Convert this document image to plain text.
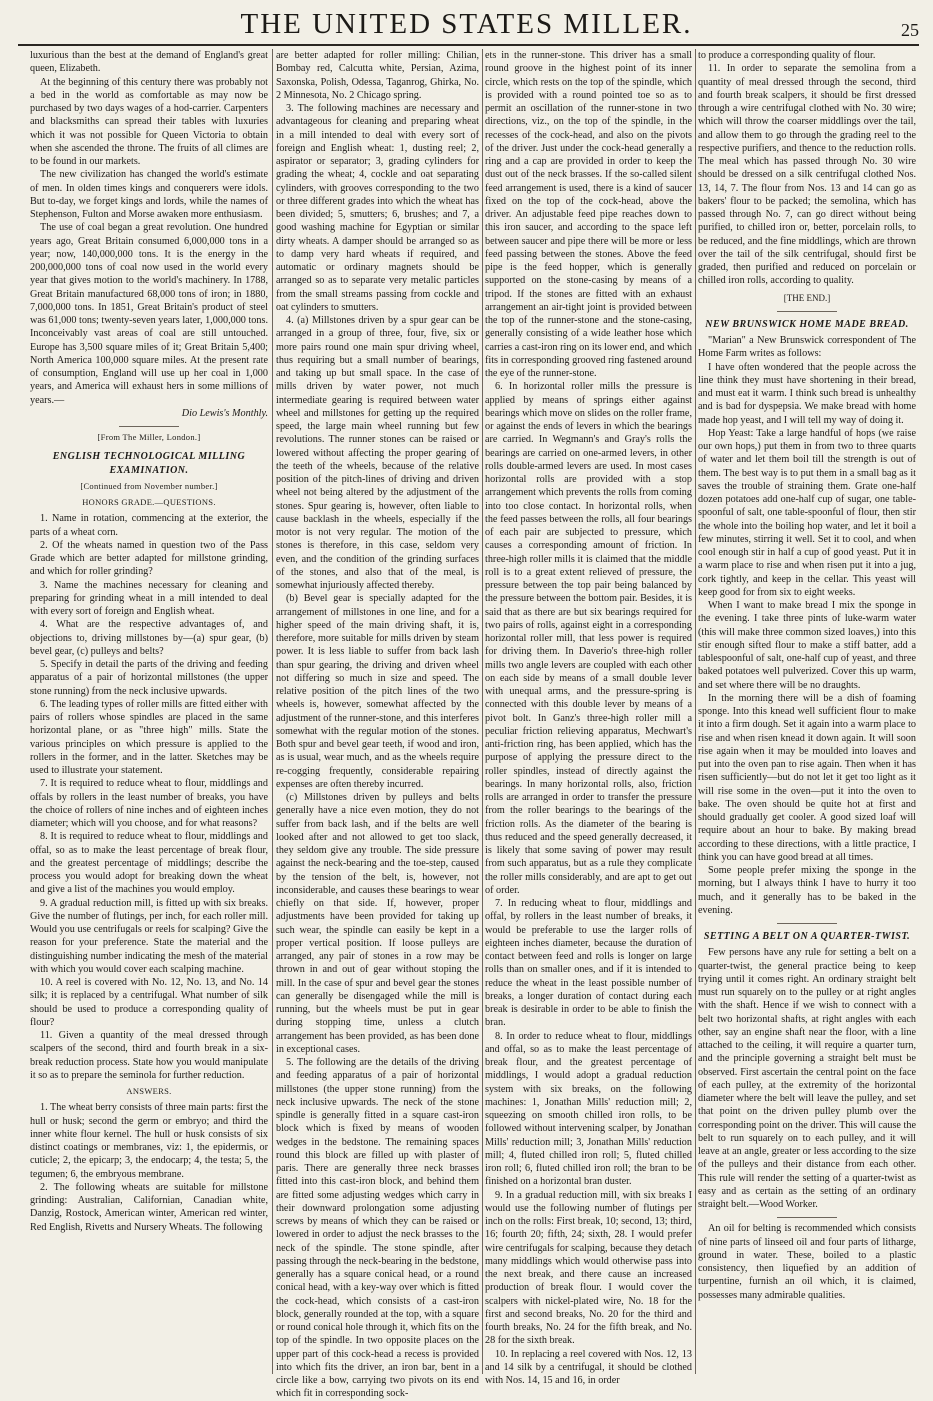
THE UNITED STATES MILLER.	25

luxurious than the best at the demand of England's great queen, Elizabeth.

At the beginning of this century there was probably not a bed in the world as comfortable as may now be purchased by two days wages of a hod-carrier. Carpenters and blacksmiths can spread their tables with luxuries which it was not possible for Queen Victoria to obtain when she ascended the throne. The fruits of all climes are to be found in our markets.

The new civilization has changed the world's estimate of men. In olden times kings and conquerers were idols. But to-day, we forget kings and lords, while the names of Stephenson, Fulton and Morse awaken more enthusiasm.

The use of coal began a great revolution. One hundred years ago, Great Britain consumed 6,000,000 tons in a year; now, 140,000,000 tons. It is the energy in the 200,000,000 tons of coal now used in the world every year that gives motion to the world's machinery. In 1788, Great Britain manufactured 68,000 tons of iron; in 1880, 7,000,000 tons. In 1851, Great Britain's product of steel was 61,000 tons; twenty-seven years later, 1,000,000 tons. Inconceivably vast areas of coal are still untouched. Europe has 3,500 square miles of it; Great Britain 5,400; North America 100,000 square miles. At the present rate of consumption, England will use up her coal in 1,000 years, and America will exhaust hers in some millions of years.—

Dio Lewis's Monthly.

[From The Miller, London.]

ENGLISH TECHNOLOGICAL MILLING EXAMINATION.

[Continued from November number.]

HONORS GRADE.—QUESTIONS.

1. Name in rotation, commencing at the exterior, the parts of a wheat corn.

2. Of the wheats named in question two of the Pass Grade which are better adapted for millstone grinding, and which for roller grinding?

3. Name the machines necessary for cleaning and preparing for grinding wheat in a mill intended to deal with every sort of foreign and English wheat.

4. What are the respective advantages of, and objections to, driving millstones by—(a) spur gear, (b) bevel gear, (c) pulleys and belts?

5. Specify in detail the parts of the driving and feeding apparatus of a pair of horizontal millstones (the upper stone running) from the neck inclusive upwards.

6. The leading types of roller mills are fitted either with pairs of rollers whose spindles are placed in the same horizontal plane, or as "three high" mills. State the various principles on which pressure is applied to the rollers in the former, and in the latter. Sketches may be used to illustrate your statement.

7. It is required to reduce wheat to flour, middlings and offals by rollers in the least number of breaks, you have the choice of rollers of nine inches and of eighteen inches diameter; which will you choose, and for what reasons?

8. It is required to reduce wheat to flour, middlings and offal, so as to make the least percentage of break flour, and the greatest percentage of middlings; describe the process you would adopt for breaking down the wheat and give a list of the machines you would employ.

9. A gradual reduction mill, is fitted up with six breaks. Give the number of flutings, per inch, for each roller mill. Would you use centrifugals or reels for scalping? Give the reason for your preference. State the material and the distinguishing number indicating the mesh of the material with which you would cover each scalping machine.

10. A reel is covered with No. 12, No. 13, and No. 14 silk; it is replaced by a centrifugal. What number of silk should be used to produce a corresponding quality of flour?

11. Given a quantity of the meal dressed through scalpers of the second, third and fourth break in a six-break reduction process. State how you would manipulate it so as to prepare the seminola for further reduction.

ANSWERS.

1. The wheat berry consists of three main parts: first the hull or husk; second the germ or embryo; and third the inner white flour kernel. The hull or husk consists of six distinct coatings or membranes, viz: 1, the epidermis, or cuticle; 2, the epicarp; 3, the endocarp; 4, the testa; 5, the tegumen; 6, the embryous membrane.

2. The following wheats are suitable for millstone grinding: Australian, Californian, Canadian white, Danzig, Rostock, American winter, American red winter, Red English, Rivetts and Nursery Wheats. The following

are better adapted for roller milling: Chilian, Bombay red, Calcutta white, Persian, Azima, Saxonska, Polish, Odessa, Taganrog, Ghirka, No. 2 Minnesota, No. 2 Chicago spring.

3. The following machines are necessary and advantageous for cleaning and preparing wheat in a mill intended to deal with every sort of foreign and English wheat: 1, dusting reel; 2, aspirator or separator; 3, grading cylinders for grading the wheat; 4, cockle and oat separating cylinders, with grooves corresponding to the two or three different grades into which the wheat has been divided; 5, smutters; 6, brushes; and 7, a good washing machine for Egyptian or similar dirty wheats. A damper should be arranged so as to damp very hard wheats if required, and automatic or ordinary magnets should be arranged so as to separate very metalic particles from the small streams passing from cockle and oat cylinders to smutters.

4. (a) Millstones driven by a spur gear can be arranged in a group of three, four, five, six or more pairs round one main spur driving wheel, thus requiring but a small number of bearings, and taking up but small space. In the case of mills driven by water power, not much intermediate gearing is required between water wheel and millstones for getting up the required speed, the large main wheel running but few revolutions. The runner stones can be raised or lowered without affecting the proper gearing of the teeth of the wheels, because of the relative position of the pitch-lines of driving and driven wheel not being altered by the adjustment of the stones. Spur gearing is, however, often liable to cause backlash in the wheels, especially if the motor is not very regular. The motion of the stones is therefore, in this case, seldom very even, and the condition of the grinding surfaces of the stones, and also that of the meal, is somewhat injuriously affected thereby.

(b) Bevel gear is specially adapted for the arrangement of millstones in one line, and for a higher speed of the main driving shaft, it is, therefore, more suitable for mills driven by steam power. It is less liable to suffer from back lash than spur gearing, the driving and driven wheel not differing so much in size and speed. The relative position of the pitch lines of the two wheels is, however, somewhat affected by the adjustment of the runner-stone, and this interferes somewhat with the regular motion of the stones. Both spur and bevel gear teeth, if wood and iron, as is usual, wear much, and as the wheels require re-cogging frequently, considerable repairing expenses are often thereby incurred.

(c) Millstones driven by pulleys and belts generally have a nice even motion, they do not suffer from back lash, and if the belts are well looked after and not allowed to get too slack, they seldom give any trouble. The side pressure against the neck-bearing and the toe-step, caused by the tension of the belt, is, however, not inconsiderable, and causes these bearings to wear chiefly on that side. If, however, proper adjustments have been provided for taking up such wear, the spindle can easily be kept in a proper vertical position. If loose pulleys are arranged, any pair of stones in a row may be thrown in and out of gear without stoping the mill. In the case of spur and bevel gear the stones can generally be disengaged while the mill is running, but the wheels must be put in gear during stopping time, unless a clutch arrangement has been provided, as has been done in exceptional cases.

5. The following are the details of the driving and feeding apparatus of a pair of horizontal millstones (the upper stone running) from the neck inclusive upwards. The neck of the stone spindle is generally fitted in a square cast-iron block which is fixed by means of wooden wedges in the bedstone. The remaining spaces round this block are filled up with plaster of paris. There are generally three neck brasses fitted into this cast-iron block, and behind them are fitted some adjusting wedges which carry in their downward prolongation some adjusting screws by means of which they can be raised or lowered in order to adjust the neck brasses to the neck of the spindle. The stone spindle, after passing through the neck-bearing in the bedstone, generally has a square conical head, or a round conical head, with a key-way over which is fitted the cock-head, which consists of a cast-iron block, generally rounded at the top, with a square or round conical hole through it, which fits on the top of the spindle. In two opposite places on the upper part of this cock-head a recess is provided into which fits the driver, an iron bar, bent in a circle like a bow, carrying two pivots on its end which fit in corresponding sock-

ets in the runner-stone. This driver has a small round groove in the highest point of its inner circle, which rests on the top of the spindle, which is provided with a round pointed toe so as to permit an oscillation of the runner-stone in two directions, viz., on the top of the spindle, in the recesses of the cock-head, and also on the pivots of the driver. Just under the cock-head generally a ring and a cap are provided in order to keep the dust out of the neck brasses. If the so-called silent feed arrangement is used, there is a kind of saucer fixed on the top of the cock-head, above the driver. An adjustable feed pipe reaches down to this iron saucer, and according to the space left between saucer and pipe there will be more or less feed passing between the stones. Above the feed pipe is the feed hopper, which is generally supported on the stone-casing by means of a tripod. If the stones are fitted with an exhaust arrangement an air-tight joint is provided between the top of the runner-stone and the stone-casing, generally consisting of a wide leather hose which carries a cast-iron ring on its lower end, and which fits in corresponding grooved ring fastened around the eye of the runner-stone.

6. In horizontal roller mills the pressure is applied by means of springs either against bearings which move on slides on the roller frame, or against the ends of levers in which the bearings are carried. In Wegmann's and Gray's rolls the bearings are carried on one-armed levers, in other rolls double-armed levers are used. In most cases horizontal rolls are provided with a stop arrangement which prevents the rolls from coming into too close contact. In horizontal rolls, when the feed passes between the rolls, all four bearings of each pair are subjected to pressure, which causes a corresponding amount of friction. In three-high roller mills it is claimed that the middle roll is to a great extent relieved of pressure, the pressure between the top pair being balanced by the pressure between the bottom pair. Besides, it is said that as there are but six bearings required for two pairs of rolls, against eight in a corresponding horizontal roller mill, that less power is required for driving them. In Daverio's three-high roller mills two angle levers are coupled with each other on each side by means of a small double lever with unequal arms, and the pressure-spring is connected with this double lever by means of a pivot bolt. In Ganz's three-high roller mill a peculiar friction relieving apparatus, Mechwart's anti-friction ring, has been applied, which has the purpose of applying the pressure direct to the roller spindles, instead of directly against the bearings. In many horizontal rolls, also, friction rolls are arranged in order to transfer the pressure from the roller bearings to the bearings of the friction rolls. As the diameter of the bearing is thus reduced and the speed generally decreased, it is likely that some saving of power may result from such apparatus, but as a rule they complicate the roller mills considerably, and are apt to get out of order.

7. In reducing wheat to flour, middlings and offal, by rollers in the least number of breaks, it would be preferable to use the larger rolls of eighteen inches diameter, because the duration of contact between feed and rolls is longer on large rolls than on smaller ones, and if it is intended to reduce the wheat in the least possible number of breaks, a longer duration of contact during each break is desirable in order to be able to finish the bran.

8. In order to reduce wheat to flour, middlings and offal, so as to make the least percentage of break flour, and the greatest percentage of middlings, I would adopt a gradual reduction system with six breaks, on the following machines: 1, Jonathan Mills' reduction mill; 2, squeezing on smooth chilled iron rolls, to be followed without intervening scalper, by Jonathan Mills' reduction mill; 3, Jonathan Mills' reduction mill; 4, fluted chilled iron roll; 5, fluted chilled iron roll; 6, fluted chilled iron roll; the bran to be finished on a horizontal bran duster.

9. In a gradual reduction mill, with six breaks I would use the following number of flutings per inch on the rolls: First break, 10; second, 13; third, 16; fourth 20; fifth, 24; sixth, 28. I would prefer wire centrifugals for scalping, because they detach many middlings which would otherwise pass into the next break, and there cause an increased production of break flour. I would cover the scalpers with nickel-plated wire, No. 18 for the first and second breaks, No. 20 for the third and fourth breaks, No. 24 for the fifth break, and No. 28 for the sixth break.

10. In replacing a reel covered with Nos. 12, 13 and 14 silk by a centrifugal, it should be clothed with Nos. 14, 15 and 16, in order

to produce a corresponding quality of flour.

11. In order to separate the semolina from a quantity of meal dressed through the second, third and fourth break scalpers, it should be first dressed through a wire centrifugal clothed with No. 30 wire; which will throw the coarser middlings over the tail, and allow them to go through the grading reel to the respective purifiers, and thence to the reduction rolls. The meal which has passed through No. 30 wire should be dressed on a silk centrifugal clothed Nos. 13, 14, 7. The flour from Nos. 13 and 14 can go as bakers' flour to be packed; the semolina, which has passed through No. 7, can go direct without being purified, to chilled iron or, better, porcelain rolls, to be reduced, and the fine middlings, which are thrown over the tail of the silk centrifugal, should first be graded, then purified and reduced on porcelain or chilled iron rolls, according to quality.

[THE END.]

NEW BRUNSWICK HOME MADE BREAD.

"Marian" a New Brunswick correspondent of The Home Farm writes as follows:

I have often wondered that the people across the line think they must have shortening in their bread, and must eat it warm. I think such bread is unhealthy and is bad for dyspepsia. We make bread with home made hop yeast, and I will tell my way of doing it.

Hop Yeast: Take a large handful of hops (we raise our own hops,) put them in from two to three quarts of water and let them boil till the strength is out of them. The best way is to put them in a small bag as it saves the trouble of straining them. Grate one-half dozen potatoes add one-half cup of sugar, one table-spoonful of salt, one table-spoonful of flour, then stir the whole into the boiling hop water, and let it boil a few minutes, stirring it well. Set it to cool, and when cool enough stir in half a cup of good yeast. Put it in a warm place to rise and when risen put it into a jug, cork tightly, and keep in the cellar. This yeast will keep good for from six to eight weeks.

When I want to make bread I mix the sponge in the evening. I take three pints of luke-warm water (this will make three common sized loaves,) into this stir enough sifted flour to make a stiff batter, add a tablespoonful of salt, one-half cup of yeast, and three baked potatoes well pulverized. Cover this up warm, and set where there will be no draughts.

In the morning there will be a dish of foaming sponge. Into this knead well sufficient flour to make it into a firm dough. Set it again into a warm place to rise and when risen knead it down again. It will soon rise again when it may be moulded into loaves and put into the oven pan to rise again. Then when it has risen sufficiently—but do not let it get too light as it will rise some in the oven—put it into the oven to bake. The oven should be quite hot at first and should gradually get cooler. A good sized loaf will require about an hour to bake. By making bread according to these directions, with a little practice, I think you can have good bread at all times.

Some people prefer mixing the sponge in the morning, but I always think I have to hurry it too much, and it generally has to be baked in the evening.

SETTING A BELT ON A QUARTER-TWIST.

Few persons have any rule for setting a belt on a quarter-twist, the general practice being to keep trying until it comes right. An ordinary straight belt must run squarely on to the pulley or at right angles with the shaft. Hence if we wish to connect with a belt two horizontal shafts, at right angles with each other, say an engine shaft near the floor, with a line attached to the ceiling, it will require a quarter turn, and the principle governing a straight belt must be observed. First ascertain the central point on the face of each pulley, at the extremity of the horizontal diameter where the belt will leave the pulley, and set that point on the driven pulley plumb over the corresponding point on the driver. This will cause the belt to run squarely on to each pulley, and it will leave at an angle, greater or less according to the size of the pulleys and their distance from each other. This rule will render the setting of a quarter-twist as easy and as certain as the setting of an ordinary straight belt.—Wood Worker.

An oil for belting is recommended which consists of nine parts of linseed oil and four parts of litharge, ground in water. These, boiled to a plastic consistency, then liquefied by an addition of turpentine, furnish an oil which, it is claimed, possesses many admirable qualities.
